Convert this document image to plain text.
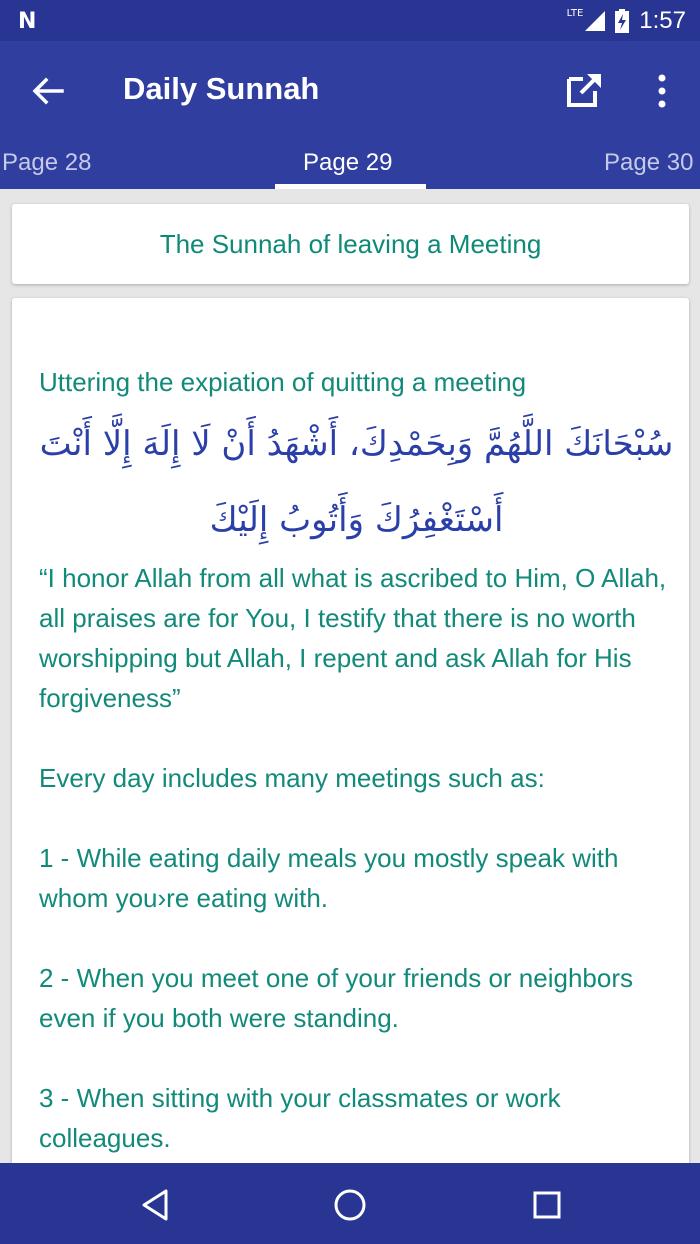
N	LTE 1:57
Daily Sunnah
Page 28	Page 29	Page 30
The Sunnah of leaving a Meeting

Uttering the expiation of quitting a meeting

سُبْحَانَكَ اللَّهُمَّ وَبِحَمْدِكَ، أَشْهَدُ أَنْ لَا إِلَهَ إِلَّا أَنْتَ
أَسْتَغْفِرُكَ وَأَتُوبُ إِلَيْكَ

“I honor Allah from all what is ascribed to Him, O Allah, all praises are for You, I testify that there is no worth worshipping but Allah, I repent and ask Allah for His forgiveness”

Every day includes many meetings such as:

1 - While eating daily meals you mostly speak with whom you›re eating with.

2 - When you meet one of your friends or neighbors even if you both were standing.

3 - When sitting with your classmates or work colleagues.
